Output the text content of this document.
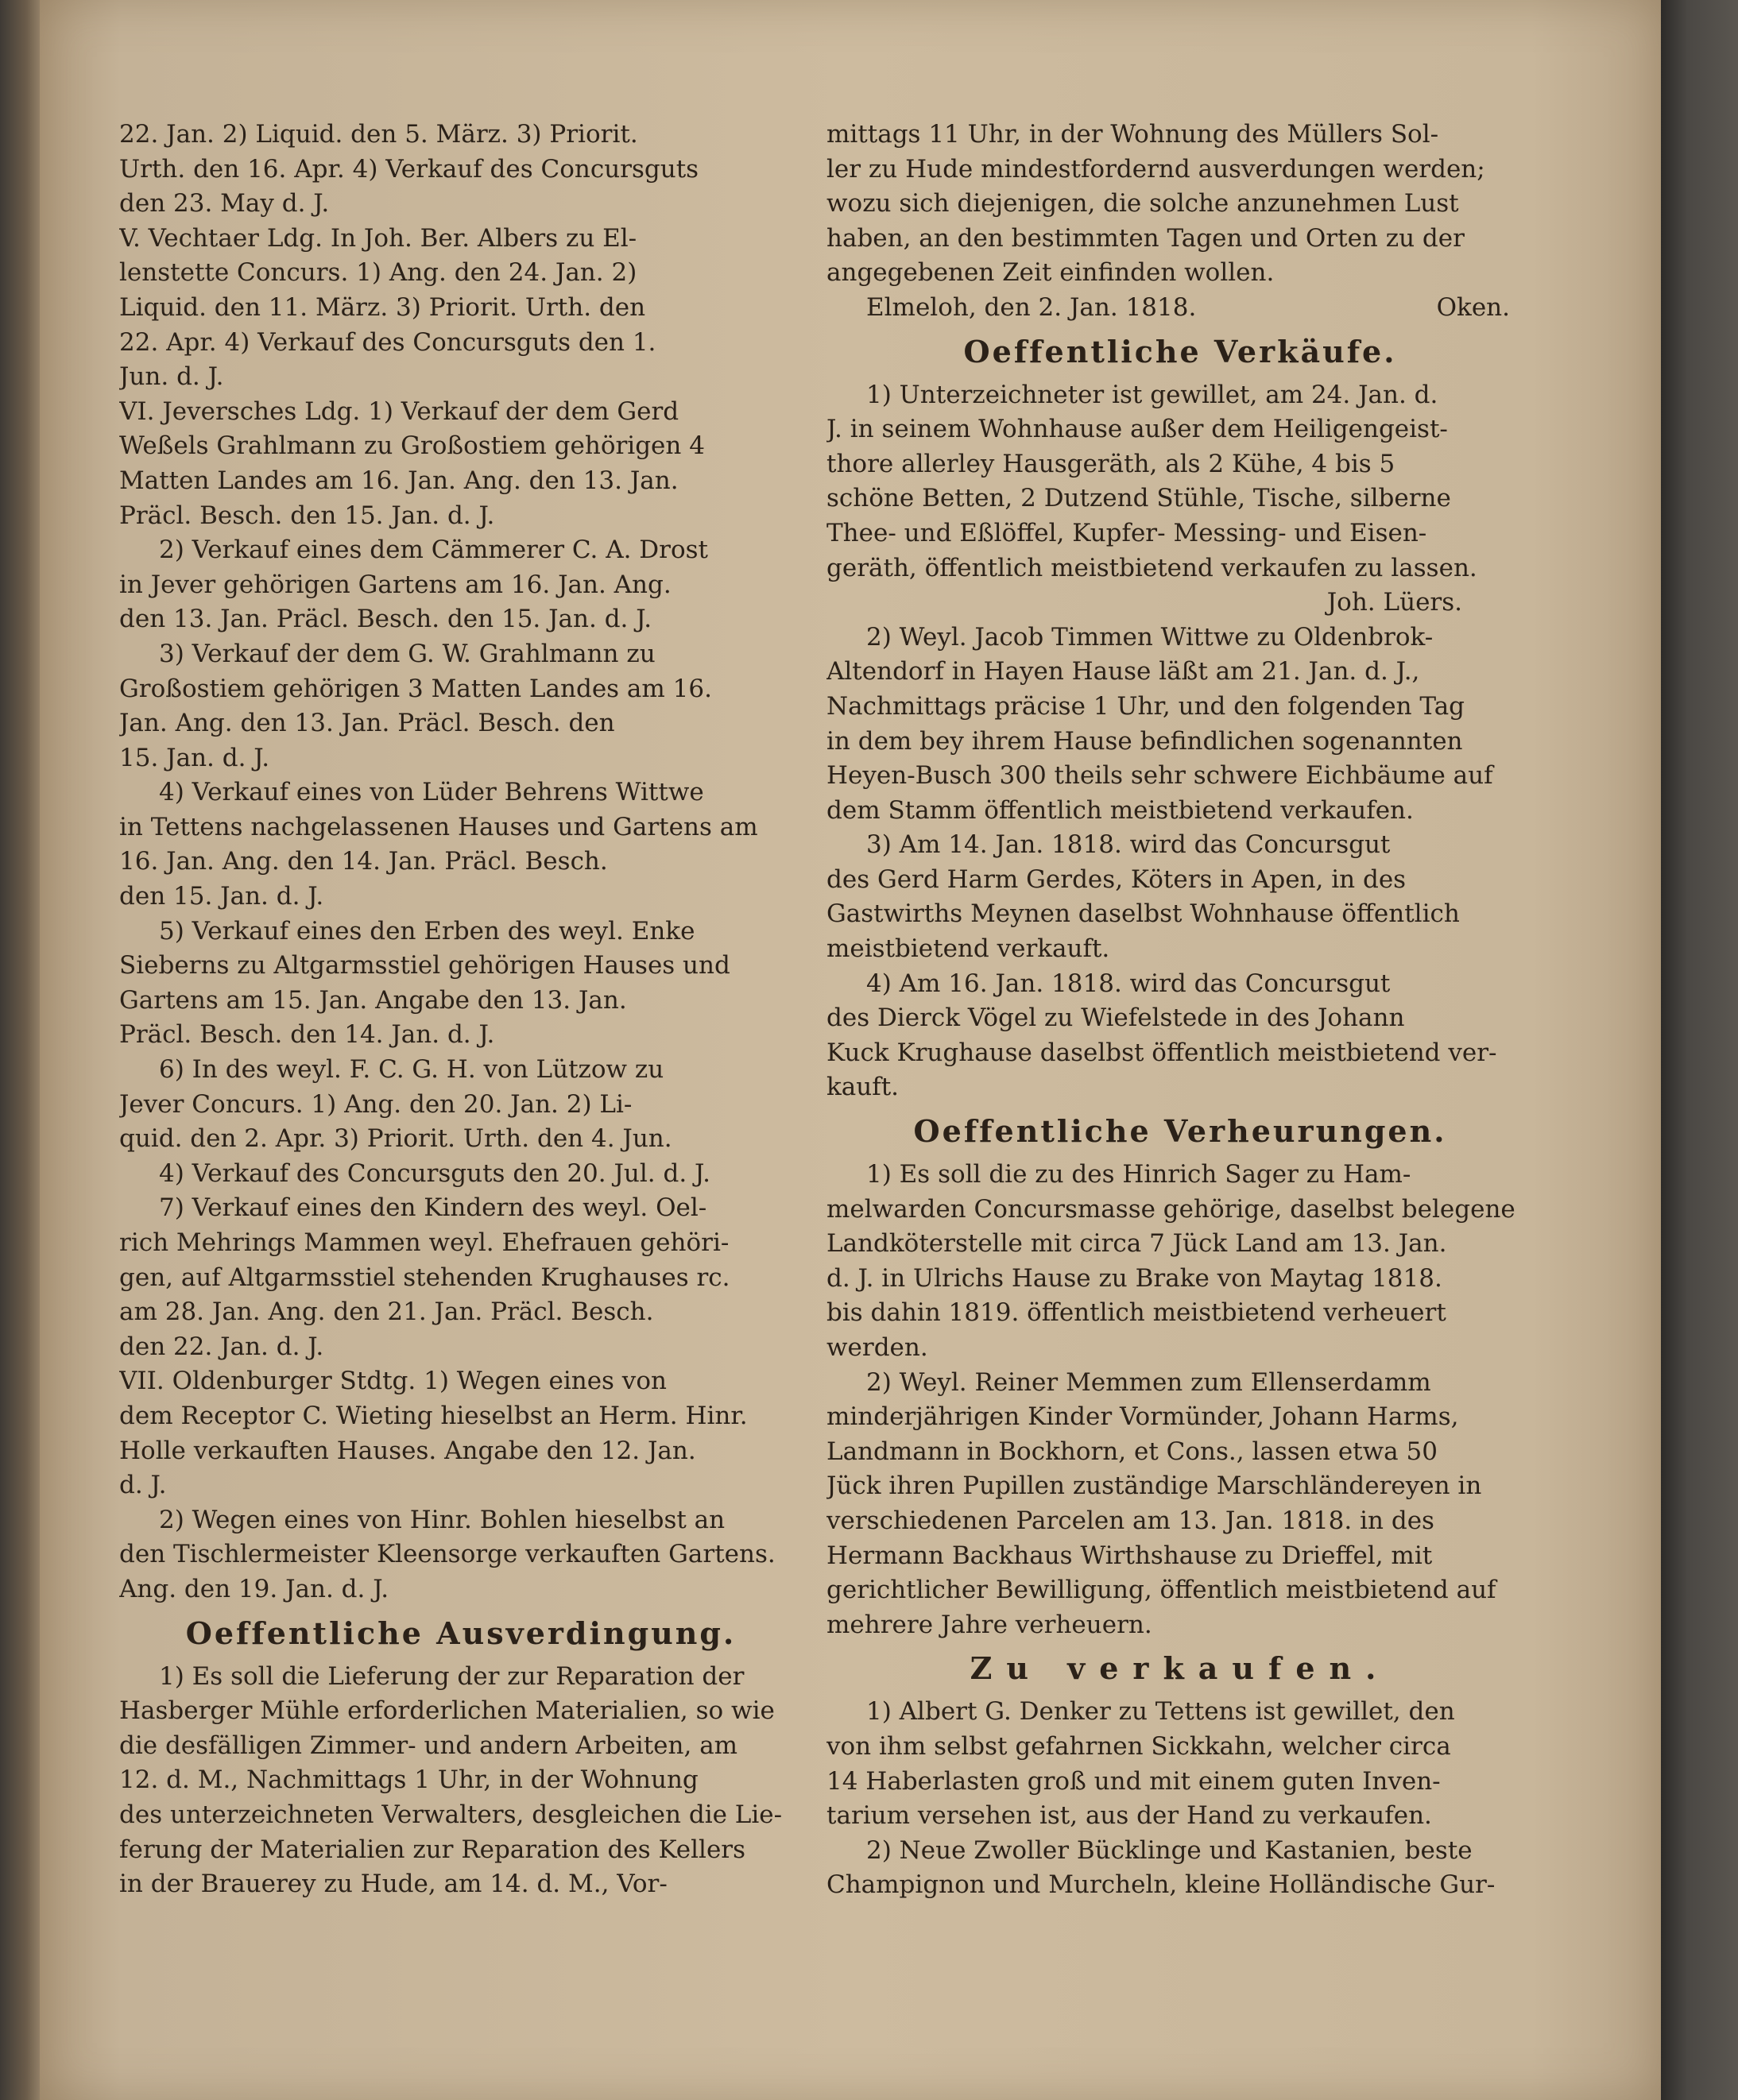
22. Jan. 2) Liquid. den 5. März. 3) Priorit.
Urth. den 16. Apr. 4) Verkauf des Concursguts
den 23. May d. J.
V. Vechtaer Ldg. In Joh. Ber. Albers zu El-
lenstette Concurs. 1) Ang. den 24. Jan. 2)
Liquid. den 11. März. 3) Priorit. Urth. den
22. Apr. 4) Verkauf des Concursguts den 1.
Jun. d. J.
VI. Jeversches Ldg. 1) Verkauf der dem Gerd
Weßels Grahlmann zu Großostiem gehörigen 4
Matten Landes am 16. Jan. Ang. den 13. Jan.
Präcl. Besch. den 15. Jan. d. J.
2) Verkauf eines dem Cämmerer C. A. Drost
in Jever gehörigen Gartens am 16. Jan. Ang.
den 13. Jan. Präcl. Besch. den 15. Jan. d. J.
3) Verkauf der dem G. W. Grahlmann zu
Großostiem gehörigen 3 Matten Landes am 16.
Jan. Ang. den 13. Jan. Präcl. Besch. den
15. Jan. d. J.
4) Verkauf eines von Lüder Behrens Wittwe
in Tettens nachgelassenen Hauses und Gartens am
16. Jan. Ang. den 14. Jan. Präcl. Besch.
den 15. Jan. d. J.
5) Verkauf eines den Erben des weyl. Enke
Sieberns zu Altgarmsstiel gehörigen Hauses und
Gartens am 15. Jan. Angabe den 13. Jan.
Präcl. Besch. den 14. Jan. d. J.
6) In des weyl. F. C. G. H. von Lützow zu
Jever Concurs. 1) Ang. den 20. Jan. 2) Li-
quid. den 2. Apr. 3) Priorit. Urth. den 4. Jun.
4) Verkauf des Concursguts den 20. Jul. d. J.
7) Verkauf eines den Kindern des weyl. Oel-
rich Mehrings Mammen weyl. Ehefrauen gehöri-
gen, auf Altgarmsstiel stehenden Krughauses rc.
am 28. Jan. Ang. den 21. Jan. Präcl. Besch.
den 22. Jan. d. J.
VII. Oldenburger Stdtg. 1) Wegen eines von
dem Receptor C. Wieting hieselbst an Herm. Hinr.
Holle verkauften Hauses. Angabe den 12. Jan.
d. J.
2) Wegen eines von Hinr. Bohlen hieselbst an
den Tischlermeister Kleensorge verkauften Gartens.
Ang. den 19. Jan. d. J.
Oeffentliche Ausverdingung.
1) Es soll die Lieferung der zur Reparation der
Hasberger Mühle erforderlichen Materialien, so wie
die desfälligen Zimmer- und andern Arbeiten, am
12. d. M., Nachmittags 1 Uhr, in der Wohnung
des unterzeichneten Verwalters, desgleichen die Lie-
ferung der Materialien zur Reparation des Kellers
in der Brauerey zu Hude, am 14. d. M., Vor-
mittags 11 Uhr, in der Wohnung des Müllers Sol-
ler zu Hude mindestfordernd ausverdungen werden;
wozu sich diejenigen, die solche anzunehmen Lust
haben, an den bestimmten Tagen und Orten zu der
angegebenen Zeit einfinden wollen.
Elmeloh, den 2. Jan. 1818.	Oken.
Oeffentliche Verkäufe.
1) Unterzeichneter ist gewillet, am 24. Jan. d.
J. in seinem Wohnhause außer dem Heiligengeist-
thore allerley Hausgeräth, als 2 Kühe, 4 bis 5
schöne Betten, 2 Dutzend Stühle, Tische, silberne
Thee- und Eßlöffel, Kupfer- Messing- und Eisen-
geräth, öffentlich meistbietend verkaufen zu lassen.
Joh. Lüers.
2) Weyl. Jacob Timmen Wittwe zu Oldenbrok-
Altendorf in Hayen Hause läßt am 21. Jan. d. J.,
Nachmittags präcise 1 Uhr, und den folgenden Tag
in dem bey ihrem Hause befindlichen sogenannten
Heyen-Busch 300 theils sehr schwere Eichbäume auf
dem Stamm öffentlich meistbietend verkaufen.
3) Am 14. Jan. 1818. wird das Concursgut
des Gerd Harm Gerdes, Köters in Apen, in des
Gastwirths Meynen daselbst Wohnhause öffentlich
meistbietend verkauft.
4) Am 16. Jan. 1818. wird das Concursgut
des Dierck Vögel zu Wiefelstede in des Johann
Kuck Krughause daselbst öffentlich meistbietend ver-
kauft.
Oeffentliche Verheurungen.
1) Es soll die zu des Hinrich Sager zu Ham-
melwarden Concursmasse gehörige, daselbst belegene
Landköterstelle mit circa 7 Jück Land am 13. Jan.
d. J. in Ulrichs Hause zu Brake von Maytag 1818.
bis dahin 1819. öffentlich meistbietend verheuert
werden.
2) Weyl. Reiner Memmen zum Ellenserdamm
minderjährigen Kinder Vormünder, Johann Harms,
Landmann in Bockhorn, et Cons., lassen etwa 50
Jück ihren Pupillen zuständige Marschländereyen in
verschiedenen Parcelen am 13. Jan. 1818. in des
Hermann Backhaus Wirthshause zu Drieffel, mit
gerichtlicher Bewilligung, öffentlich meistbietend auf
mehrere Jahre verheuern.
Zu verkaufen.
1) Albert G. Denker zu Tettens ist gewillet, den
von ihm selbst gefahrnen Sickkahn, welcher circa
14 Haberlasten groß und mit einem guten Inven-
tarium versehen ist, aus der Hand zu verkaufen.
2) Neue Zwoller Bücklinge und Kastanien, beste
Champignon und Murcheln, kleine Holländische Gur-
